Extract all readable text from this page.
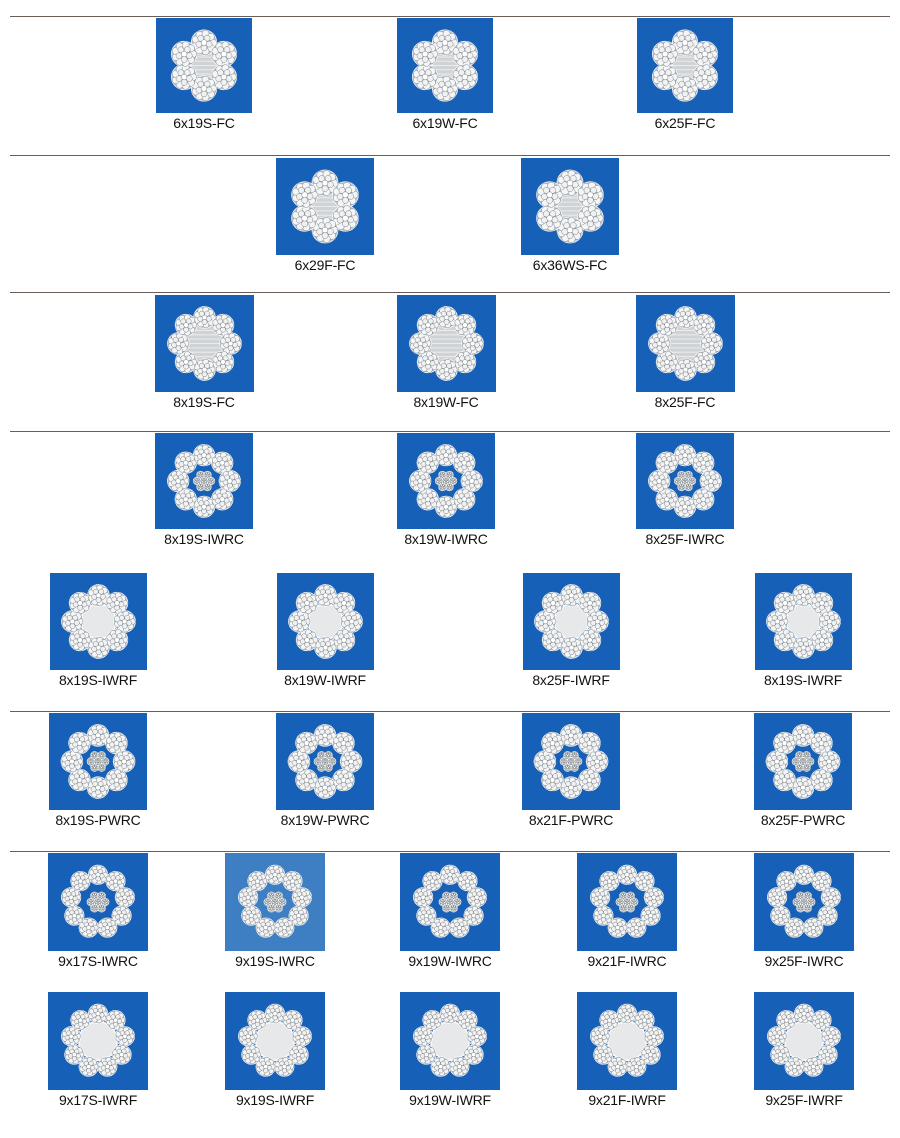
6x19S-FC	6x19W-FC	6x25F-FC
6x29F-FC	6x36WS-FC
8x19S-FC	8x19W-FC	8x25F-FC
8x19S-IWRC	8x19W-IWRC	8x25F-IWRC
8x19S-IWRF	8x19W-IWRF	8x25F-IWRF	8x19S-IWRF
8x19S-PWRC	8x19W-PWRC	8x21F-PWRC	8x25F-PWRC
9x17S-IWRC	9x19S-IWRC	9x19W-IWRC	9x21F-IWRC	9x25F-IWRC
9x17S-IWRF	9x19S-IWRF	9x19W-IWRF	9x21F-IWRF	9x25F-IWRF
